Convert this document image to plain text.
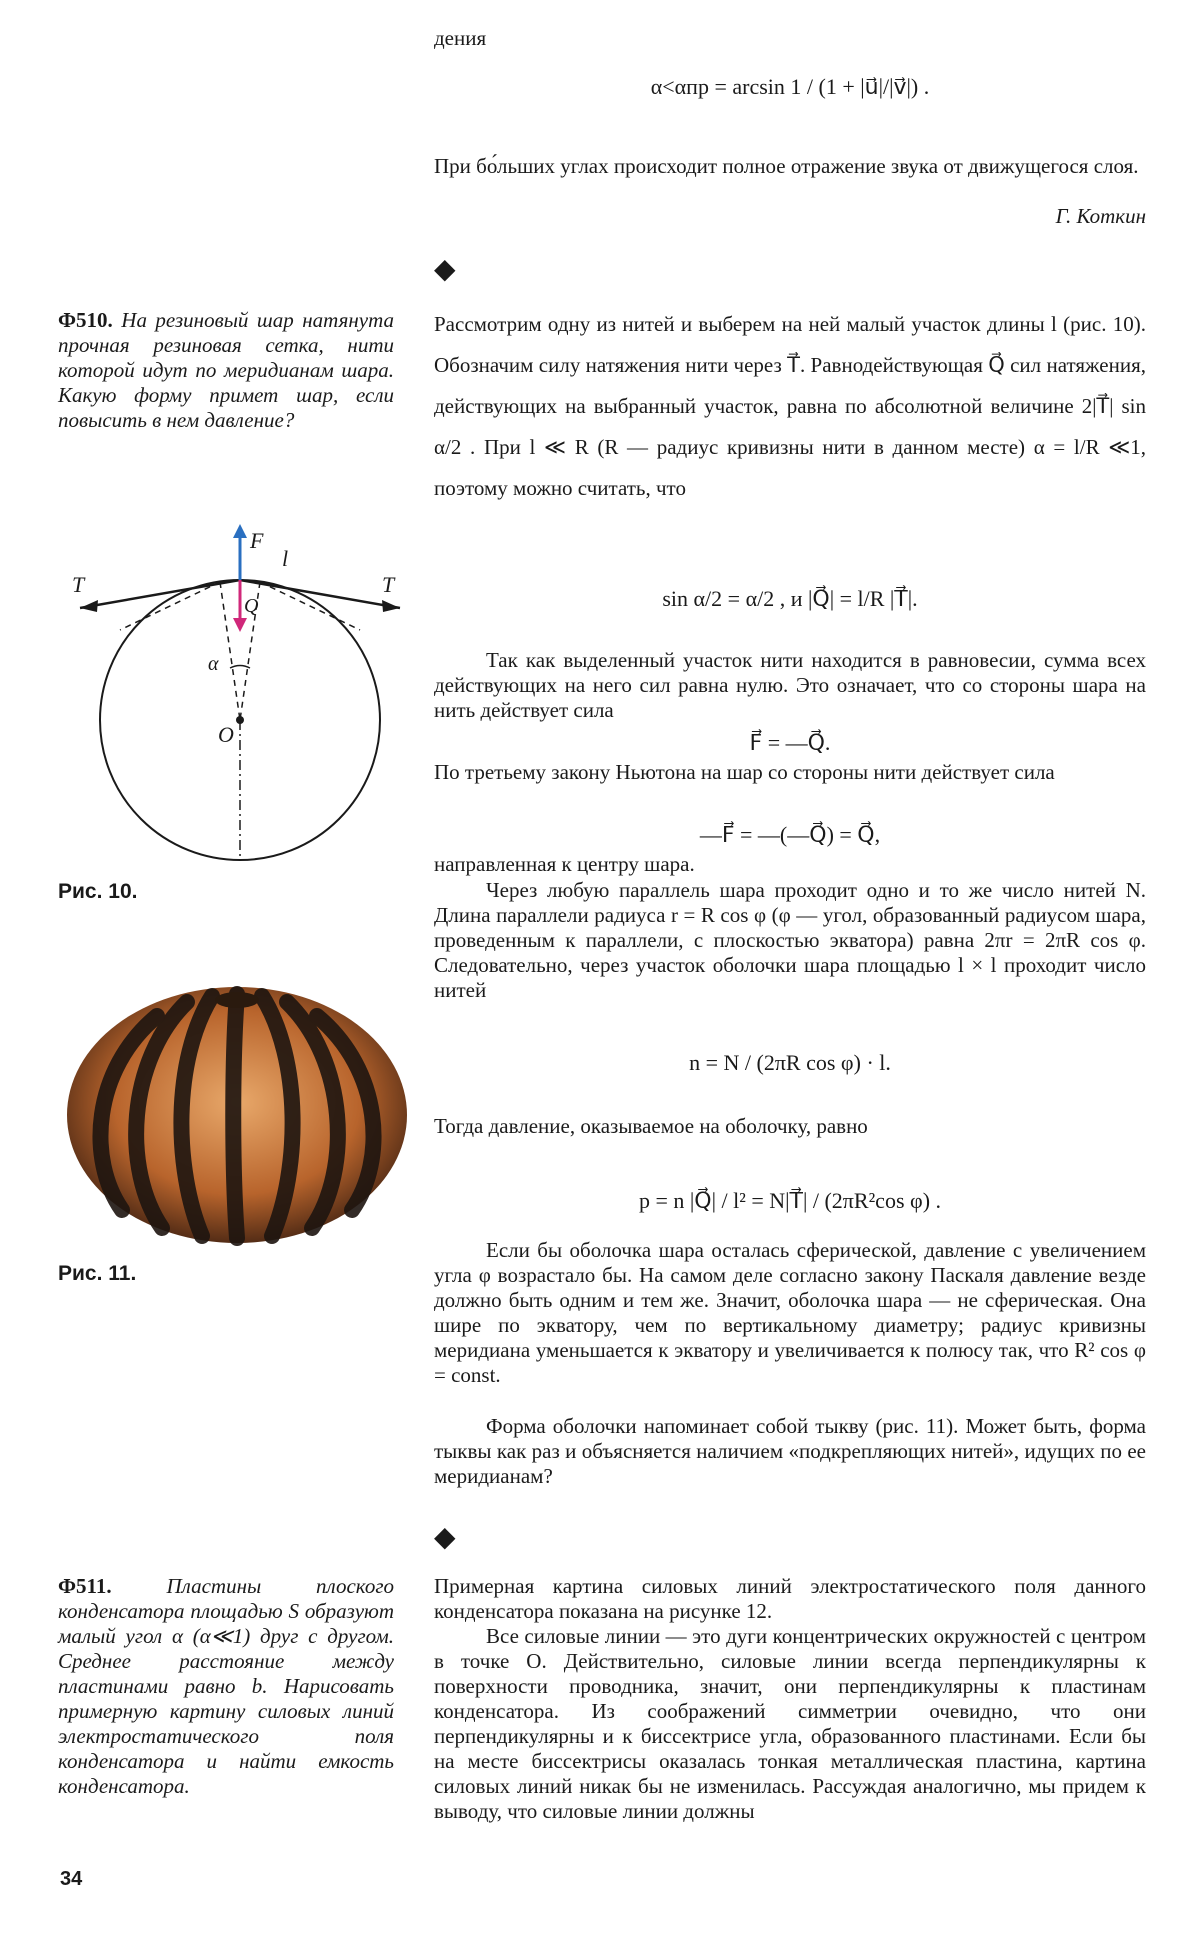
дения

α<αпр = arcsin 1 / (1 + |u⃗|/|v⃗|) .

При бо́льших углах происходит полное отражение звука от движущегося слоя.

Г. Коткин
◆

Ф510. На резиновый шар натянута прочная резиновая сетка, нити которой идут по меридианам шара. Какую форму примет шар, если повысить в нем давление?

F
l
T	T
Q
α
O
Рис. 10.
Рис. 11.

Рассмотрим одну из нитей и выберем на ней малый участок длины l (рис. 10). Обозначим силу натяжения нити через T⃗. Равнодействующая Q⃗ сил натяжения, действующих на выбранный участок, равна по абсолютной величине 2|T⃗| sin α/2 . При l ≪ R (R — радиус кривизны нити в данном месте) α = l/R ≪1, поэтому можно считать, что

sin α/2 = α/2 , и |Q⃗| = l/R |T⃗|.

Так как выделенный участок нити находится в равновесии, сумма всех действующих на него сил равна нулю. Это означает, что со стороны шара на нить действует сила

F⃗ = —Q⃗.

По третьему закону Ньютона на шар со стороны нити действует сила

—F⃗ = —(—Q⃗) = Q⃗,

направленная к центру шара.

Через любую параллель шара проходит одно и то же число нитей N. Длина параллели радиуса r = R cos φ (φ — угол, образованный радиусом шара, проведенным к параллели, с плоскостью экватора) равна 2πr = 2πR cos φ. Следовательно, через участок оболочки шара площадью l × l проходит число нитей

n = N / (2πR cos φ) · l.

Тогда давление, оказываемое на оболочку, равно

p = n |Q⃗| / l² = N|T⃗| / (2πR²cos φ) .

Если бы оболочка шара осталась сферической, давление с увеличением угла φ возрастало бы. На самом деле согласно закону Паскаля давление везде должно быть одним и тем же. Значит, оболочка шара — не сферическая. Она шире по экватору, чем по вертикальному диаметру; радиус кривизны меридиана уменьшается к экватору и увеличивается к полюсу так, что R² cos φ = const.

Форма оболочки напоминает собой тыкву (рис. 11). Может быть, форма тыквы как раз и объясняется наличием «подкрепляющих нитей», идущих по ее меридианам?

◆

Ф511.	Пластины плоского конденсатора площадью S образуют малый угол α (α≪1) друг с другом. Среднее расстояние между пластинами равно b. Нарисовать примерную картину силовых линий электростатического поля конденсатора и найти емкость конденсатора.

Примерная картина силовых линий электростатического поля данного конденсатора показана на рисунке 12.

Все силовые линии — это дуги концентрических окружностей с центром в точке O. Действительно, силовые линии всегда перпендикулярны к поверхности проводника, значит, они перпендикулярны к пластинам конденсатора. Из соображений симметрии очевидно, что они перпендикулярны и к биссектрисе угла, образованного пластинами. Если бы на месте биссектрисы оказалась тонкая металлическая пластина, картина силовых линий никак бы не изменилась. Рассуждая аналогично, мы придем к выводу, что силовые линии должны

34
